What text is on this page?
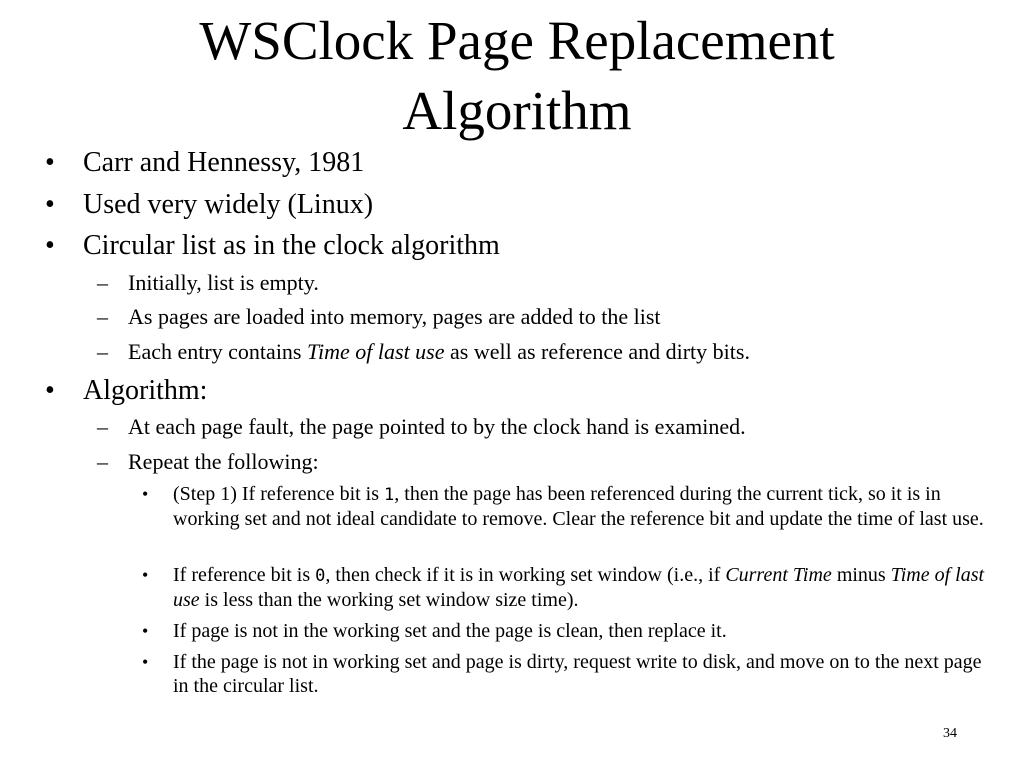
WSClock Page Replacement
Algorithm

• Carr and Hennessy, 1981

• Used very widely (Linux)

• Circular list as in the clock algorithm

– Initially, list is empty.

– As pages are loaded into memory, pages are added to the list

– Each entry contains Time of last use as well as reference and dirty bits.

• Algorithm:

– At each page fault, the page pointed to by the clock hand is examined.

– Repeat the following:

• (Step 1) If reference bit is 1, then the page has been referenced during the current tick, so it is in working set and not ideal candidate to remove. Clear the reference bit and update the time of last use.

• If reference bit is 0, then check if it is in working set window (i.e., if Current Time minus Time of last use is less than the working set window size time).

• If page is not in the working set and the page is clean, then replace it.

• If the page is not in working set and page is dirty, request write to disk, and move on to the next page in the circular list.

34
